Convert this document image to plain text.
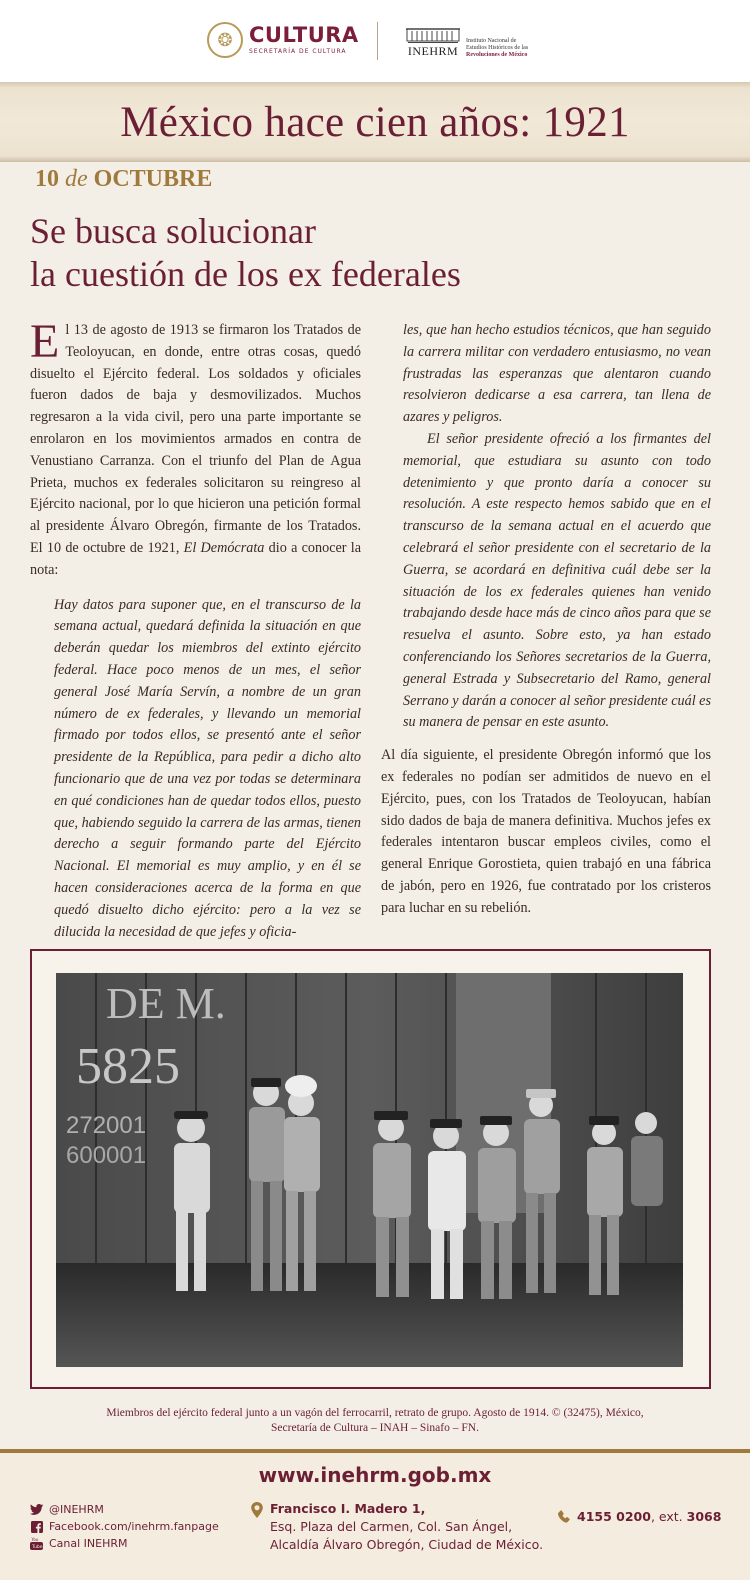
❂ CULTURA
SECRETARÍA DE CULTURA	INEHRM
Instituto Nacional de
Estudios Históricos de las
Revoluciones de México
México hace cien años: 1921
10 de OCTUBRE
Se busca solucionar
la cuestión de los ex federales

El 13 de agosto de 1913 se firmaron los Tratados de Teoloyucan, en donde, entre otras cosas, quedó disuelto el Ejército federal. Los soldados y oficiales fueron dados de baja y desmovilizados. Muchos regresaron a la vida civil, pero una parte importante se enrolaron en los movimientos armados en contra de Venustiano Carranza. Con el triunfo del Plan de Agua Prieta, muchos ex federales solicitaron su reingreso al Ejército nacional, por lo que hicieron una petición formal al presidente Álvaro Obregón, firmante de los Tratados. El 10 de octubre de 1921, El Demócrata dio a conocer la nota:

Hay datos para suponer que, en el transcurso de la semana actual, quedará definida la situación en que deberán quedar los miembros del extinto ejército federal. Hace poco menos de un mes, el señor general José María Servín, a nombre de un gran número de ex federales, y llevando un memorial firmado por todos ellos, se presentó ante el señor presidente de la República, para pedir a dicho alto funcionario que de una vez por todas se determinara en qué condiciones han de quedar todos ellos, puesto que, habiendo seguido la carrera de las armas, tienen derecho a seguir formando parte del Ejército Nacional. El memorial es muy amplio, y en él se hacen consideraciones acerca de la forma en que quedó disuelto dicho ejército: pero a la vez se dilucida la necesidad de que jefes y oficia-

les, que han hecho estudios técnicos, que han seguido la carrera militar con verdadero entusiasmo, no vean frustradas las esperanzas que alentaron cuando resolvieron dedicarse a esa carrera, tan llena de azares y peligros.

El señor presidente ofreció a los firmantes del memorial, que estudiara su asunto con todo detenimiento y que pronto daría a conocer su resolución. A este respecto hemos sabido que en el transcurso de la semana actual en el acuerdo que celebrará el señor presidente con el secretario de la Guerra, se acordará en definitiva cuál debe ser la situación de los ex federales quienes han venido trabajando desde hace más de cinco años para que se resuelva el asunto. Sobre esto, ya han estado conferenciando los Señores secretarios de la Guerra, general Estrada y Subsecretario del Ramo, general Serrano y darán a conocer al señor presidente cuál es su manera de pensar en este asunto.

Al día siguiente, el presidente Obregón informó que los ex federales no podían ser admitidos de nuevo en el Ejército, pues, con los Tratados de Teoloyucan, habían sido dados de baja de manera definitiva. Muchos jefes ex federales intentaron buscar empleos civiles, como el general Enrique Gorostieta, quien trabajó en una fábrica de jabón, pero en 1926, fue contratado por los cristeros para luchar en su rebelión.

DE M.
5825
272001
600001
Miembros del ejército federal junto a un vagón del ferrocarril, retrato de grupo. Agosto de 1914. © (32475), México,
Secretaría de Cultura – INAH – Sinafo – FN.
www.inehrm.gob.mx
@INEHRM
Facebook.com/inehrm.fanpage
You
Tube Canal INEHRM
Francisco I. Madero 1,
Esq. Plaza del Carmen, Col. San Ángel,
Alcaldía Álvaro Obregón, Ciudad de México.
4155 0200 , ext.
3068
